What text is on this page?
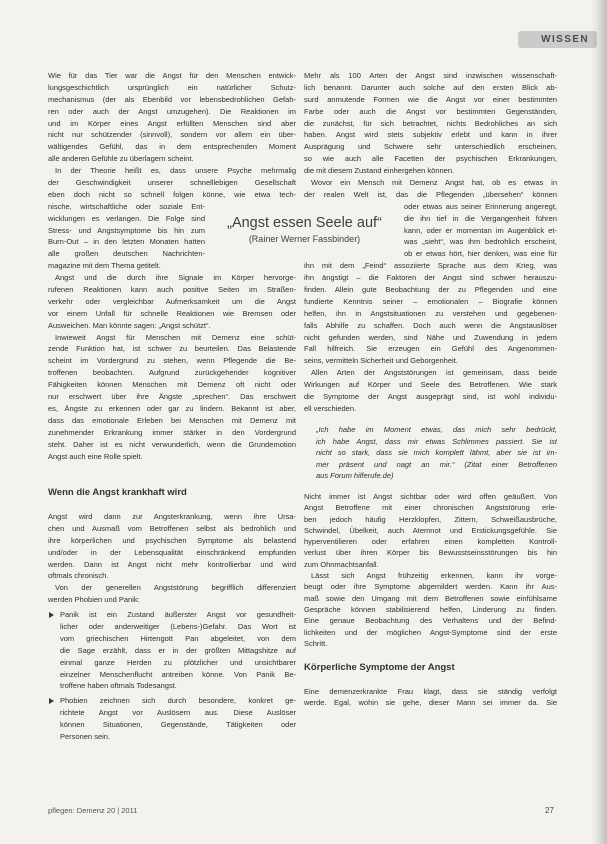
WISSEN
Wie für das Tier war die Angst für den Menschen entwick-
lungsgeschichtlich ursprünglich ein natürlicher Schutz-
mechanismus (der als Ebenbild vor lebensbedrohlichen Gefah-
ren oder auch der Angst umzugehen). Die Reaktionen im
und im Körper eines Angst erfüllten Menschen sind aber
nicht nur schützender (sinnvoll), sondern vor allem ein über-
wältigendes Gefühl, das in dem entsprechenden Moment
alle anderen Gefühle zu überlagern scheint.
In der Theorie heißt es, dass unsere Psyche mehrmalig
der Geschwindigkeit unserer schnelllebigen Gesellschaft
eben doch nicht so schnell folgen könne, wie etwa tech-
nische, wirtschaftliche oder soziale Ent-
wicklungen es verlangen. Die Folge sind
Stress- und Angstsymptome bis hin zum
Burn-Out – in den letzten Monaten hatten
alle großen deutschen Nachrichten-
magazine mit dem Thema getitelt.
Angst und die durch ihre Signale im Körper hervorge-
rufenen Reaktionen kann auch positive Seiten im Straßen-
verkehr oder vergleichbar Aufmerksamkeit um die Angst
vor einem Unfall für schnelle Reaktionen wie Bremsen oder
Ausweichen. Man könnte sagen: „Angst schützt“.
Inwieweit Angst für Menschen mit Demenz eine schüt-
zende Funktion hat, ist schwer zu beurteilen. Das Belastende
scheint im Vordergrund zu stehen, wenn Pflegende die Be-
troffenen beobachten. Aufgrund zurückgehender kognitiver
Fähigkeiten können Menschen mit Demenz oft nicht oder
nur erschwert über ihre Ängste „sprechen“. Das erschwert
es, Ängste zu erkennen oder gar zu lindern. Bekannt ist aber,
dass das emotionale Erleben bei Menschen mit Demenz mit
zunehmender Erkrankung immer stärker in den Vordergrund
steht. Daher ist es nicht verwunderlich, wenn die Grundemotion
Angst auch eine Rolle spielt.
Wenn die Angst krankhaft wird
Angst wird dann zur Angsterkrankung, wenn ihre Ursa-
chen und Ausmaß vom Betroffenen selbst als bedrohlich und
ihre körperlichen und psychischen Symptome als belastend
und/oder in der Lebensqualität einschränkend empfunden
werden. Dann ist Angst nicht mehr kontrollierbar und wird
oftmals chronisch.
Von der generellen Angststörung begrifflich differenziert
werden Phobien und Panik:
Panik ist ein Zustand äußerster Angst vor gesundheit-
licher oder anderweitiger (Lebens-)Gefahr. Das Wort ist
vom griechischen Hirtengott Pan abgeleitet, von dem
die Sage erzählt, dass er in der größten Mittagshitze auf
einmal ganze Herden zu plötzlicher und unsichtbarer
einzelner Menschenflucht antreiben könne. Von Panik Be-
troffene haben oftmals Todesangst.
Phobien zeichnen sich durch besondere, konkret ge-
richtete Angst vor Auslösern aus. Diese Auslöser
können Situationen, Gegenstände, Tätigkeiten oder
Personen sein.
„Angst essen Seele auf“
(Rainer Werner Fassbinder)
Mehr als 100 Arten der Angst sind inzwischen wissenschaft-
lich benannt. Darunter auch solche auf den ersten Blick ab-
surd anmutende Formen wie die Angst vor einer bestimmten
Farbe oder auch die Angst vor bestimmten Gegenständen,
die zunächst, für sich betrachtet, nichts Bedrohliches an sich
haben. Angst wird stets subjektiv erlebt und kann in ihrer
Ausprägung und Schwere sehr unterschiedlich erscheinen,
so wie auch alle Facetten der psychischen Erkrankungen,
die mit diesem Zustand einhergehen können.
Wovor ein Mensch mit Demenz Angst hat, ob es etwas in
der realen Welt ist, das die Pflegenden „übersehen“ können
oder etwas aus seiner Erinnerung angeregt,
die ihn tief in die Vergangenheit führen
kann, oder er momentan im Augenblick et-
was „sieht“, was ihm bedrohlich erscheint,
ob er etwas hört, hier denken, was eine für
ihn mit dem „Feind“ assoziierte Sprache aus dem Krieg, was
ihn ängstigt – die Faktoren der Angst sind schwer herauszu-
finden. Allein gute Beobachtung der zu Pflegenden und eine
fundierte Kenntnis seiner – emotionalen – Biografie können
helfen, ihn in Angstsituationen zu verstehen und gegebenen-
falls Abhilfe zu schaffen. Doch auch wenn die Angstauslöser
nicht gefunden werden, sind Nähe und Zuwendung in jedem
Fall hilfreich. Sie erzeugen ein Gefühl des Angenommen-
seins, vermitteln Sicherheit und Geborgenheit.
Allen Arten der Angststörungen ist gemeinsam, dass beide
Wirkungen auf Körper und Seele des Betroffenen. Wie stark
die Symptome der Angst ausgeprägt sind, ist wohl individu-
ell verschieden.
„Ich habe im Moment etwas, das mich sehr bedrückt,
ich habe Angst, dass mir etwas Schlimmes passiert. Sie ist
nicht so stark, dass sie mich komplett lähmt, aber sie ist im-
mer präsent und nagt an mir.“ (Zitat einer Betroffenen
aus Forum hilferufe.de)
Nicht immer ist Angst sichtbar oder wird offen geäußert. Von
Angst Betroffene mit einer chronischen Angststörung erle-
ben jedoch häufig Herzklopfen, Zittern, Schweißausbrüche,
Schwindel, Übelkeit, auch Atemnot und Erstickungsgefühle. Sie
hyperventilieren oder erfahren einen kompletten Kontroll-
verlust über ihren Körper bis Bewusstseinsstörungen bis hin
zum Ohnmachtsanfall.
Lässt sich Angst frühzeitig erkennen, kann ihr vorge-
beugt oder ihre Symptome abgemildert werden. Kann ihr Aus-
maß sowie den Umgang mit dem Betroffenen sowie einfühlsame
Gespräche können stabilisierend helfen, Linderung zu finden.
Eine genaue Beobachtung des Verhaltens und der Befind-
lichkeiten und der möglichen Angst-Symptome sind der erste
Schritt.
Körperliche Symptome der Angst
Eine demenzerkrankte Frau klagt, dass sie ständig verfolgt
werde. Egal, wohin sie gehe, dieser Mann sei immer da. Sie
pflegen: Demenz 20 | 2011	27
